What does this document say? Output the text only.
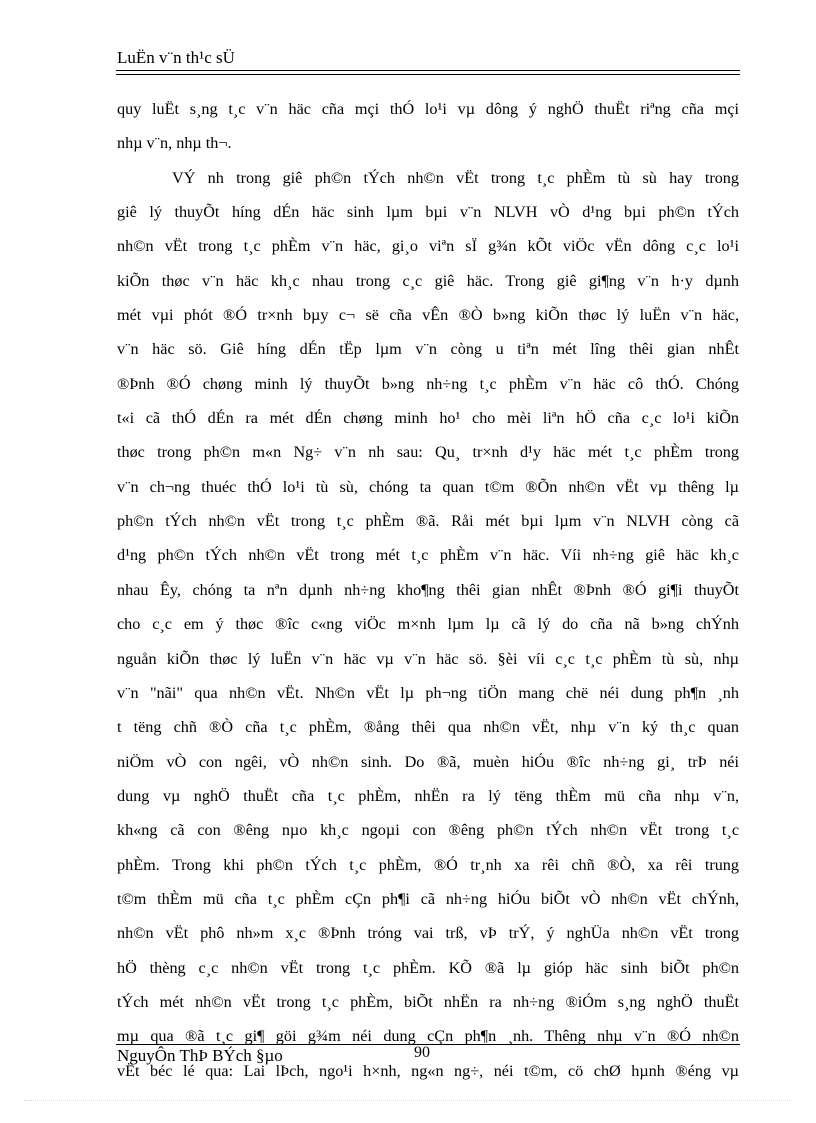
LuËn v¨n th¹c sÜ
quy luËt s¸ng t¸c v¨n häc cña mçi thÓ lo¹i vµ dông ý nghÖ thuËt riªng cña mçi
nhµ v¨n, nhµ th¬.
VÝ nh trong giê ph©n tÝch nh©n vËt trong t¸c phÈm tù sù hay trong
giê lý thuyÕt híng dÉn häc sinh lµm bµi v¨n NLVH vÒ d¹ng bµi ph©n tÝch
nh©n vËt trong t¸c phÈm v¨n häc, gi¸o viªn sÏ g¾n kÕt viÖc vËn dông c¸c lo¹i
kiÕn thøc v¨n häc kh¸c nhau trong c¸c giê häc. Trong giê gi¶ng v¨n h·y dµnh
mét vµi phót ®Ó tr×nh bµy c¬ së cña vÊn ®Ò b»ng kiÕn thøc lý luËn v¨n häc,
v¨n häc sö. Giê híng dÉn tËp lµm v¨n còng u tiªn mét lîng thêi gian nhÊt
®Þnh ®Ó chøng minh lý thuyÕt b»ng nh÷ng t¸c phÈm v¨n häc cô thÓ. Chóng
t«i cã thÓ dÉn ra mét dÉn chøng minh ho¹ cho mèi liªn hÖ cña c¸c lo¹i kiÕn
thøc trong ph©n m«n Ng÷ v¨n nh sau: Qu¸ tr×nh d¹y häc mét t¸c phÈm trong
v¨n ch¬ng thuéc thÓ lo¹i tù sù, chóng ta quan t©m ®Õn nh©n vËt vµ thêng lµ
ph©n tÝch nh©n vËt trong t¸c phÈm ®ã. Råi mét bµi lµm v¨n NLVH còng cã
d¹ng ph©n tÝch nh©n vËt trong mét t¸c phÈm v¨n häc. Víi nh÷ng giê häc kh¸c
nhau Êy, chóng ta nªn dµnh nh÷ng kho¶ng thêi gian nhÊt ®Þnh ®Ó gi¶i thuyÕt
cho c¸c em ý thøc ®îc c«ng viÖc m×nh lµm lµ cã lý do cña nã b»ng chÝnh
nguån kiÕn thøc lý luËn v¨n häc vµ v¨n häc sö. §èi víi c¸c t¸c phÈm tù sù, nhµ
v¨n "nãi" qua nh©n vËt. Nh©n vËt lµ ph¬ng tiÖn mang chë néi dung ph¶n ¸nh
t tëng chñ ®Ò cña t¸c phÈm, ®ång thêi qua nh©n vËt, nhµ v¨n ký th¸c quan
niÖm vÒ con ngêi, vÒ nh©n sinh. Do ®ã, muèn hiÓu ®îc nh÷ng gi¸ trÞ néi
dung vµ nghÖ thuËt cña t¸c phÈm, nhËn ra lý tëng thÈm mü cña nhµ v¨n,
kh«ng cã con ®êng nµo kh¸c ngoµi con ®êng ph©n tÝch nh©n vËt trong t¸c
phÈm. Trong khi ph©n tÝch t¸c phÈm, ®Ó tr¸nh xa rêi chñ ®Ò, xa rêi trung
t©m thÈm mü cña t¸c phÈm cÇn ph¶i cã nh÷ng hiÓu biÕt vÒ nh©n vËt chÝnh,
nh©n vËt phô nh»m x¸c ®Þnh tróng vai trß, vÞ trÝ, ý nghÜa nh©n vËt trong
hÖ thèng c¸c nh©n vËt trong t¸c phÈm. KÕ ®ã lµ gióp häc sinh biÕt ph©n
tÝch mét nh©n vËt trong t¸c phÈm, biÕt nhËn ra nh÷ng ®iÓm s¸ng nghÖ thuËt
mµ qua ®ã t¸c gi¶ göi g¾m néi dung cÇn ph¶n ¸nh. Thêng nhµ v¨n ®Ó nh©n
vËt béc lé qua: Lai lÞch, ngo¹i h×nh, ng«n ng÷, néi t©m, cö chØ hµnh ®éng vµ
NguyÔn ThÞ BÝch §µo	90
